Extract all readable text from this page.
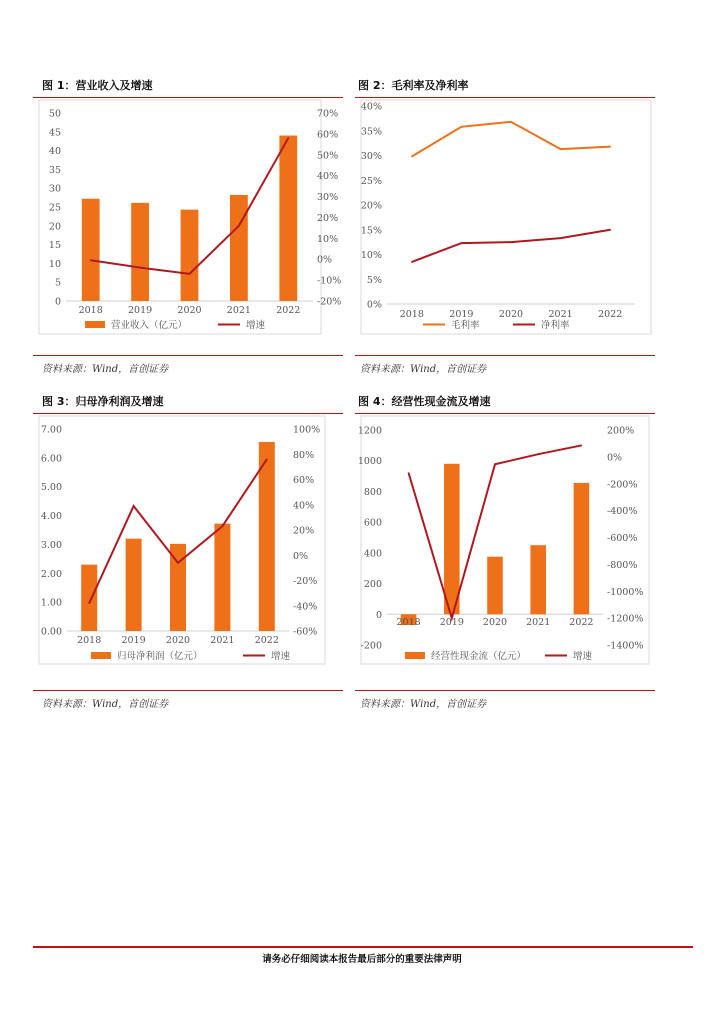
图 1：营业收入及增速
0
5
10
15
20
25
30
35
40
45
50
-20%
-10%
0%
10%
20%
30%
40%
50%
60%
70%
2018	2019	2020	2021	2022
营业收入（亿元）	增速
资料来源：Wind，首创证券
图 2：毛利率及净利率
0%
5%
10%
15%
20%
25%
30%
35%
40%
毛利率	净利率
2018	2019	2020	2021	2022
资料来源：Wind，首创证券
图 3：归母净利润及增速
0.00
1.00
2.00
3.00
4.00
5.00
6.00
7.00
-60%
-40%
-20%
0%
20%
40%
60%
80%
100%
2018 2019 2020 2021 2022
归母净利润（亿元）	增速
资料来源：Wind，首创证券
图 4：经营性现金流及增速
-200
0
200
400
600
800
1000
1200
-1400%
-1200%
-1000%
-800%
-600%
-400%
-200%
0%
200%
2018 2019 2020 2021 2022
经营性现金流（亿元）	增速
资料来源：Wind，首创证券
请务必仔细阅读本报告最后部分的重要法律声明
